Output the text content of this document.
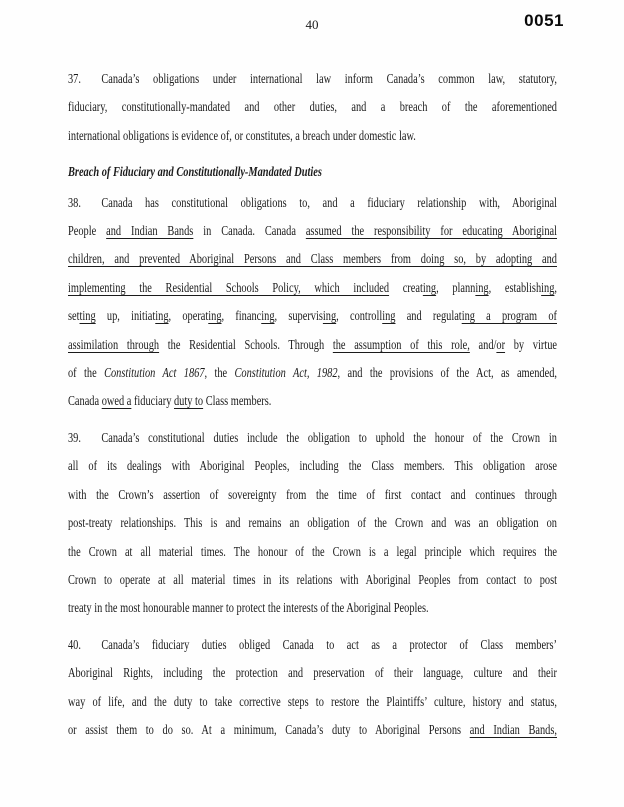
40	0051
37. Canada’s obligations under international law inform Canada’s common law, statutory,
fiduciary, constitutionally-mandated and other duties, and a breach of the aforementioned
international obligations is evidence of, or constitutes, a breach under domestic law.
Breach of Fiduciary and Constitutionally-Mandated Duties
38. Canada has constitutional obligations to, and a fiduciary relationship with, Aboriginal
People and Indian Bands in Canada. Canada assumed the responsibility for educating Aboriginal
children, and prevented Aboriginal Persons and Class members from doing so, by adopting and
implementing the Residential Schools Policy, which included creating, planning, establishing,
setting up, initiating, operating, financing, supervising, controlling and regulating a program of
assimilation through the Residential Schools. Through the assumption of this role, and/or by virtue
of the Constitution Act 1867, the Constitution Act, 1982, and the provisions of the Act, as amended,
Canada owed a fiduciary duty to Class members.
39. Canada’s constitutional duties include the obligation to uphold the honour of the Crown in
all of its dealings with Aboriginal Peoples, including the Class members. This obligation arose
with the Crown’s assertion of sovereignty from the time of first contact and continues through
post-treaty relationships. This is and remains an obligation of the Crown and was an obligation on
the Crown at all material times. The honour of the Crown is a legal principle which requires the
Crown to operate at all material times in its relations with Aboriginal Peoples from contact to post
treaty in the most honourable manner to protect the interests of the Aboriginal Peoples.
40. Canada’s fiduciary duties obliged Canada to act as a protector of Class members’
Aboriginal Rights, including the protection and preservation of their language, culture and their
way of life, and the duty to take corrective steps to restore the Plaintiffs’ culture, history and status,
or assist them to do so. At a minimum, Canada’s duty to Aboriginal Persons and Indian Bands,
